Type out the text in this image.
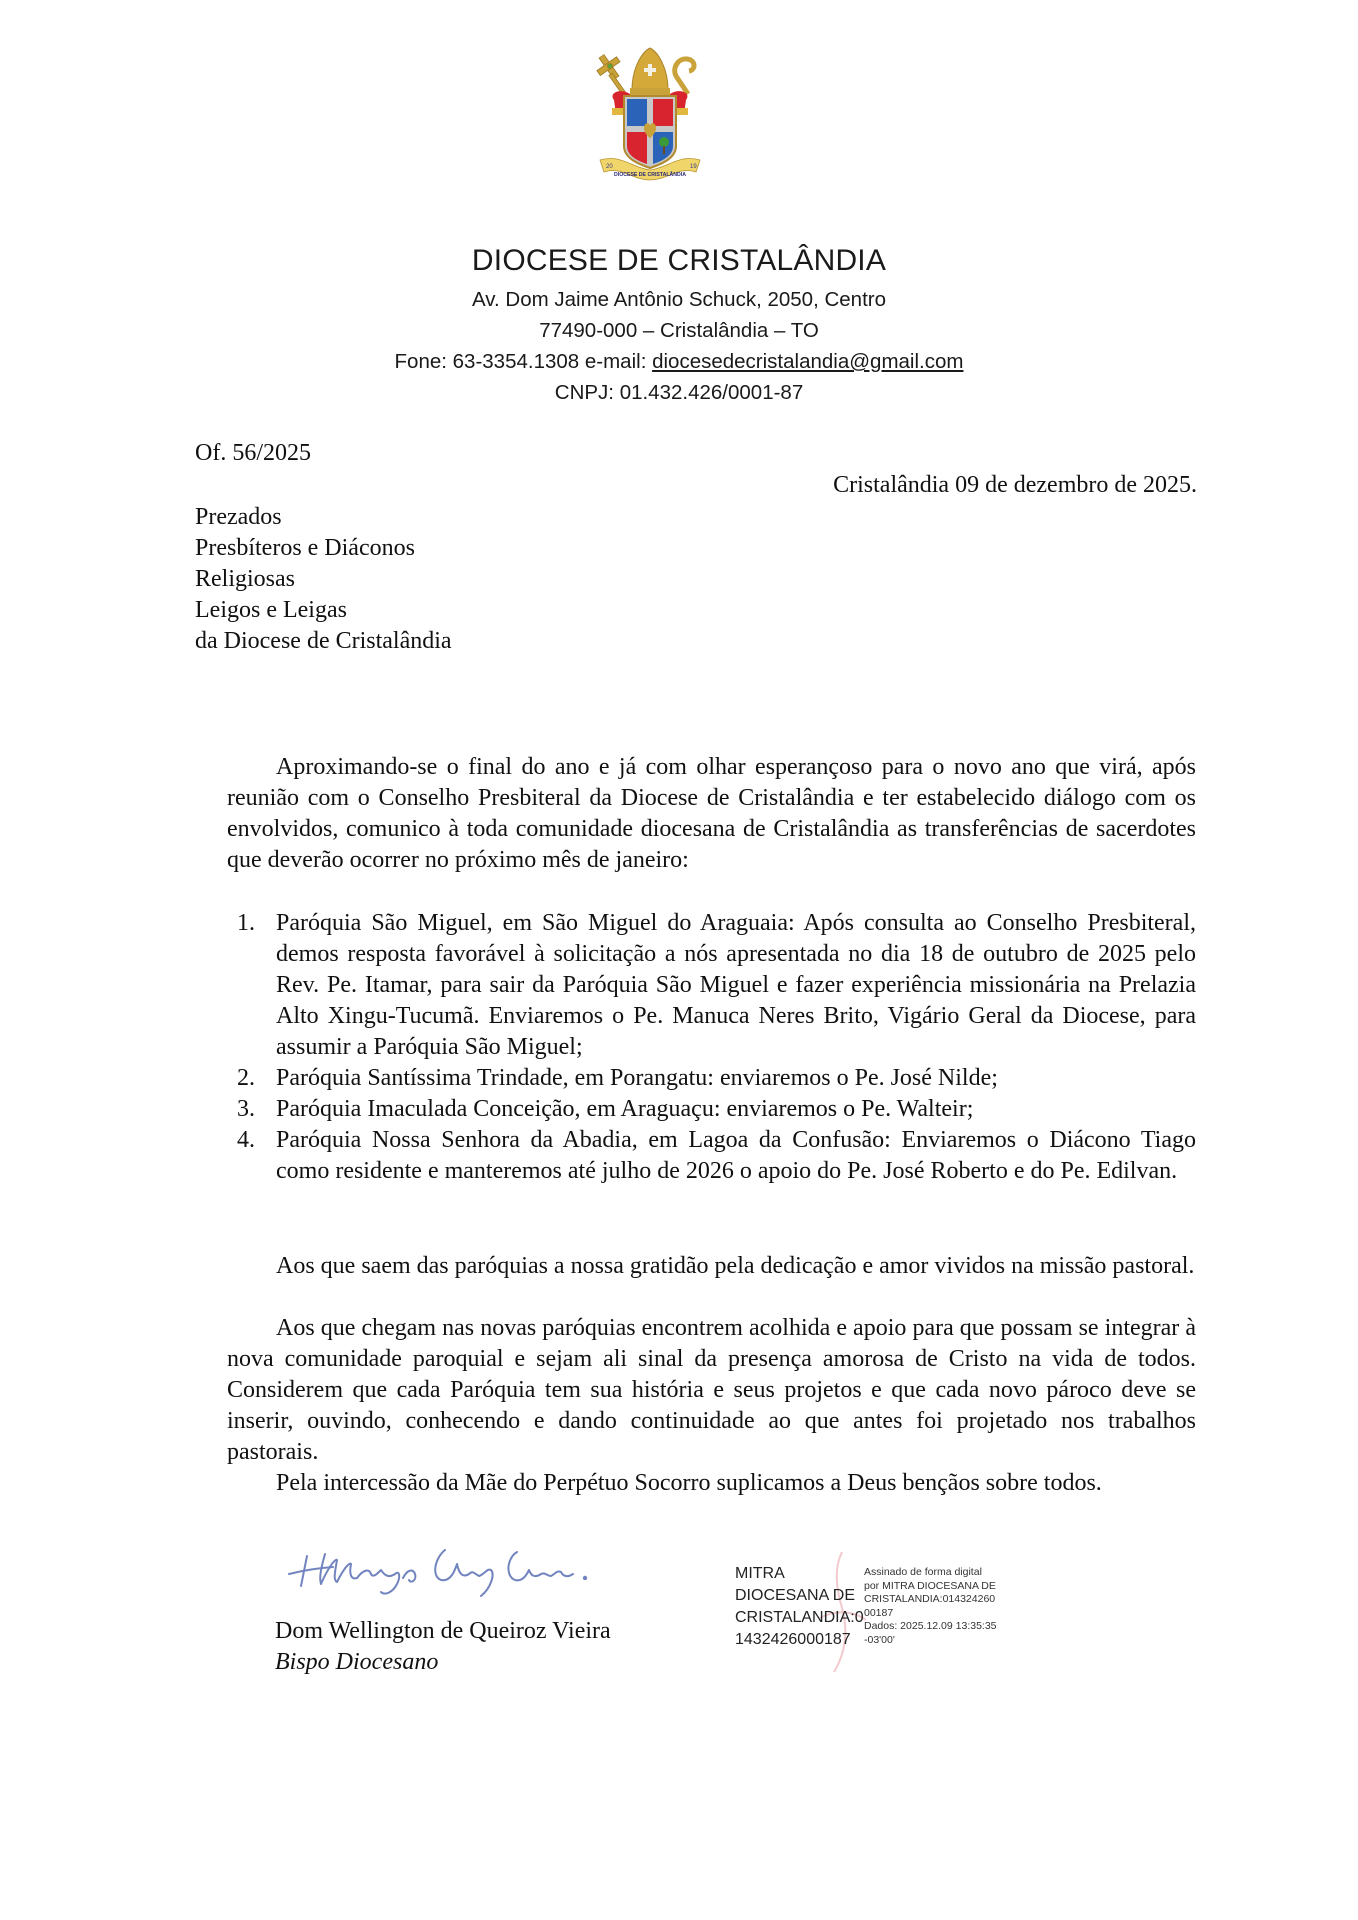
20	19
DIOCESE DE CRISTALÂNDIA
DIOCESE DE CRISTALÂNDIA
Av. Dom Jaime Antônio Schuck, 2050, Centro
77490-000 – Cristalândia – TO
Fone: 63-3354.1308 e-mail: diocesedecristalandia@gmail.com
CNPJ: 01.432.426/0001-87
Of. 56/2025
Cristalândia 09 de dezembro de 2025.
Prezados
Presbíteros e Diáconos
Religiosas
Leigos e Leigas
da Diocese de Cristalândia
Aproximando-se o final do ano e já com olhar esperançoso para o novo ano que virá, após reunião com o Conselho Presbiteral da Diocese de Cristalândia e ter estabelecido diálogo com os envolvidos, comunico à toda comunidade diocesana de Cristalândia as transferências de sacerdotes que deverão ocorrer no próximo mês de janeiro:
1. Paróquia São Miguel, em São Miguel do Araguaia: Após consulta ao Conselho Presbiteral, demos resposta favorável à solicitação a nós apresentada no dia 18 de outubro de 2025 pelo Rev. Pe. Itamar, para sair da Paróquia São Miguel e fazer experiência missionária na Prelazia Alto Xingu-Tucumã. Enviaremos o Pe. Manuca Neres Brito, Vigário Geral da Diocese, para assumir a Paróquia São Miguel;
2. Paróquia Santíssima Trindade, em Porangatu: enviaremos o Pe. José Nilde;
3. Paróquia Imaculada Conceição, em Araguaçu: enviaremos o Pe. Walteir;
4. Paróquia Nossa Senhora da Abadia, em Lagoa da Confusão: Enviaremos o Diácono Tiago como residente e manteremos até julho de 2026 o apoio do Pe. José Roberto e do Pe. Edilvan.
Aos que saem das paróquias a nossa gratidão pela dedicação e amor vividos na missão pastoral.
Aos que chegam nas novas paróquias encontrem acolhida e apoio para que possam se integrar à nova comunidade paroquial e sejam ali sinal da presença amorosa de Cristo na vida de todos. Considerem que cada Paróquia tem sua história e seus projetos e que cada novo pároco deve se inserir, ouvindo, conhecendo e dando continuidade ao que antes foi projetado nos trabalhos pastorais.
Pela intercessão da Mãe do Perpétuo Socorro suplicamos a Deus bençãos sobre todos.
Dom Wellington de Queiroz Vieira
Bispo Diocesano
MITRA
DIOCESANA DE
CRISTALANDIA:0
1432426000187
Assinado de forma digital
por MITRA DIOCESANA DE
CRISTALANDIA:014324260
00187
Dados: 2025.12.09 13:35:35
-03'00'
